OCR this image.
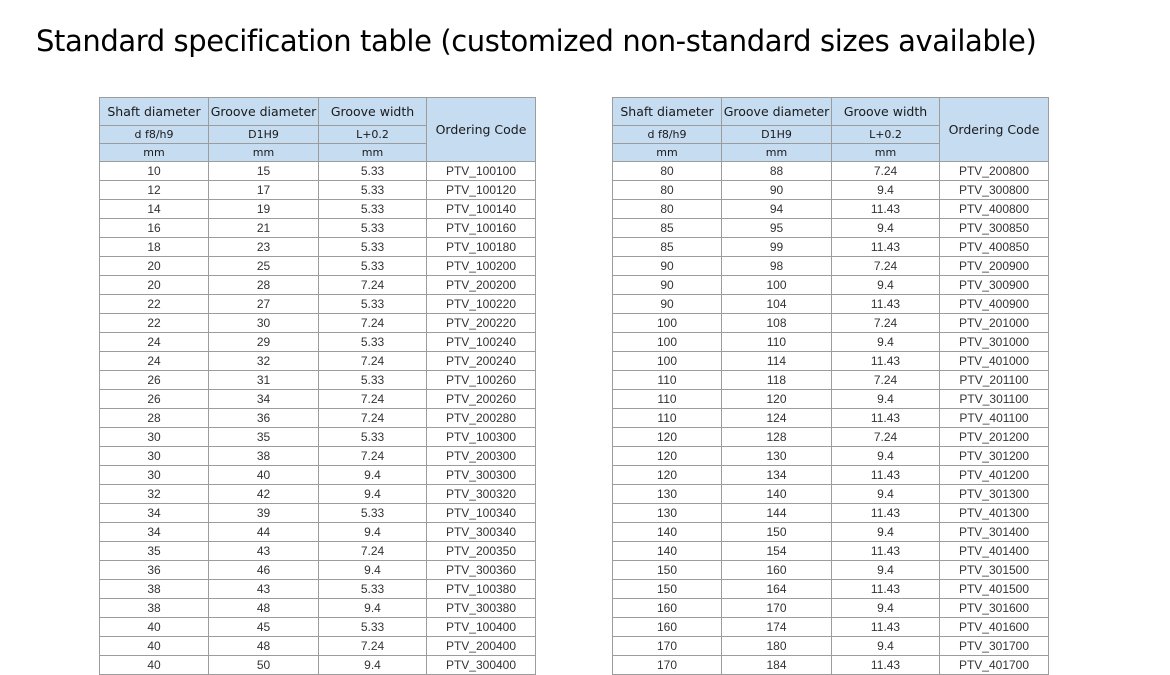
Standard specification table (customized non-standard sizes available)
Shaft diameter	Groove diameter	Groove width	Ordering Code
d f8/h9	D1H9	L+0.2	
mm	mm	mm	
10	15	5.33	PTV_100100
12	17	5.33	PTV_100120
14	19	5.33	PTV_100140
16	21	5.33	PTV_100160
18	23	5.33	PTV_100180
20	25	5.33	PTV_100200
20	28	7.24	PTV_200200
22	27	5.33	PTV_100220
22	30	7.24	PTV_200220
24	29	5.33	PTV_100240
24	32	7.24	PTV_200240
26	31	5.33	PTV_100260
26	34	7.24	PTV_200260
28	36	7.24	PTV_200280
30	35	5.33	PTV_100300
30	38	7.24	PTV_200300
30	40	9.4	PTV_300300
32	42	9.4	PTV_300320
34	39	5.33	PTV_100340
34	44	9.4	PTV_300340
35	43	7.24	PTV_200350
36	46	9.4	PTV_300360
38	43	5.33	PTV_100380
38	48	9.4	PTV_300380
40	45	5.33	PTV_100400
40	48	7.24	PTV_200400
40	50	9.4	PTV_300400
Shaft diameter	Groove diameter	Groove width	Ordering Code
d f8/h9	D1H9	L+0.2	
mm	mm	mm	
80	88	7.24	PTV_200800
80	90	9.4	PTV_300800
80	94	11.43	PTV_400800
85	95	9.4	PTV_300850
85	99	11.43	PTV_400850
90	98	7.24	PTV_200900
90	100	9.4	PTV_300900
90	104	11.43	PTV_400900
100	108	7.24	PTV_201000
100	110	9.4	PTV_301000
100	114	11.43	PTV_401000
110	118	7.24	PTV_201100
110	120	9.4	PTV_301100
110	124	11.43	PTV_401100
120	128	7.24	PTV_201200
120	130	9.4	PTV_301200
120	134	11.43	PTV_401200
130	140	9.4	PTV_301300
130	144	11.43	PTV_401300
140	150	9.4	PTV_301400
140	154	11.43	PTV_401400
150	160	9.4	PTV_301500
150	164	11.43	PTV_401500
160	170	9.4	PTV_301600
160	174	11.43	PTV_401600
170	180	9.4	PTV_301700
170	184	11.43	PTV_401700
